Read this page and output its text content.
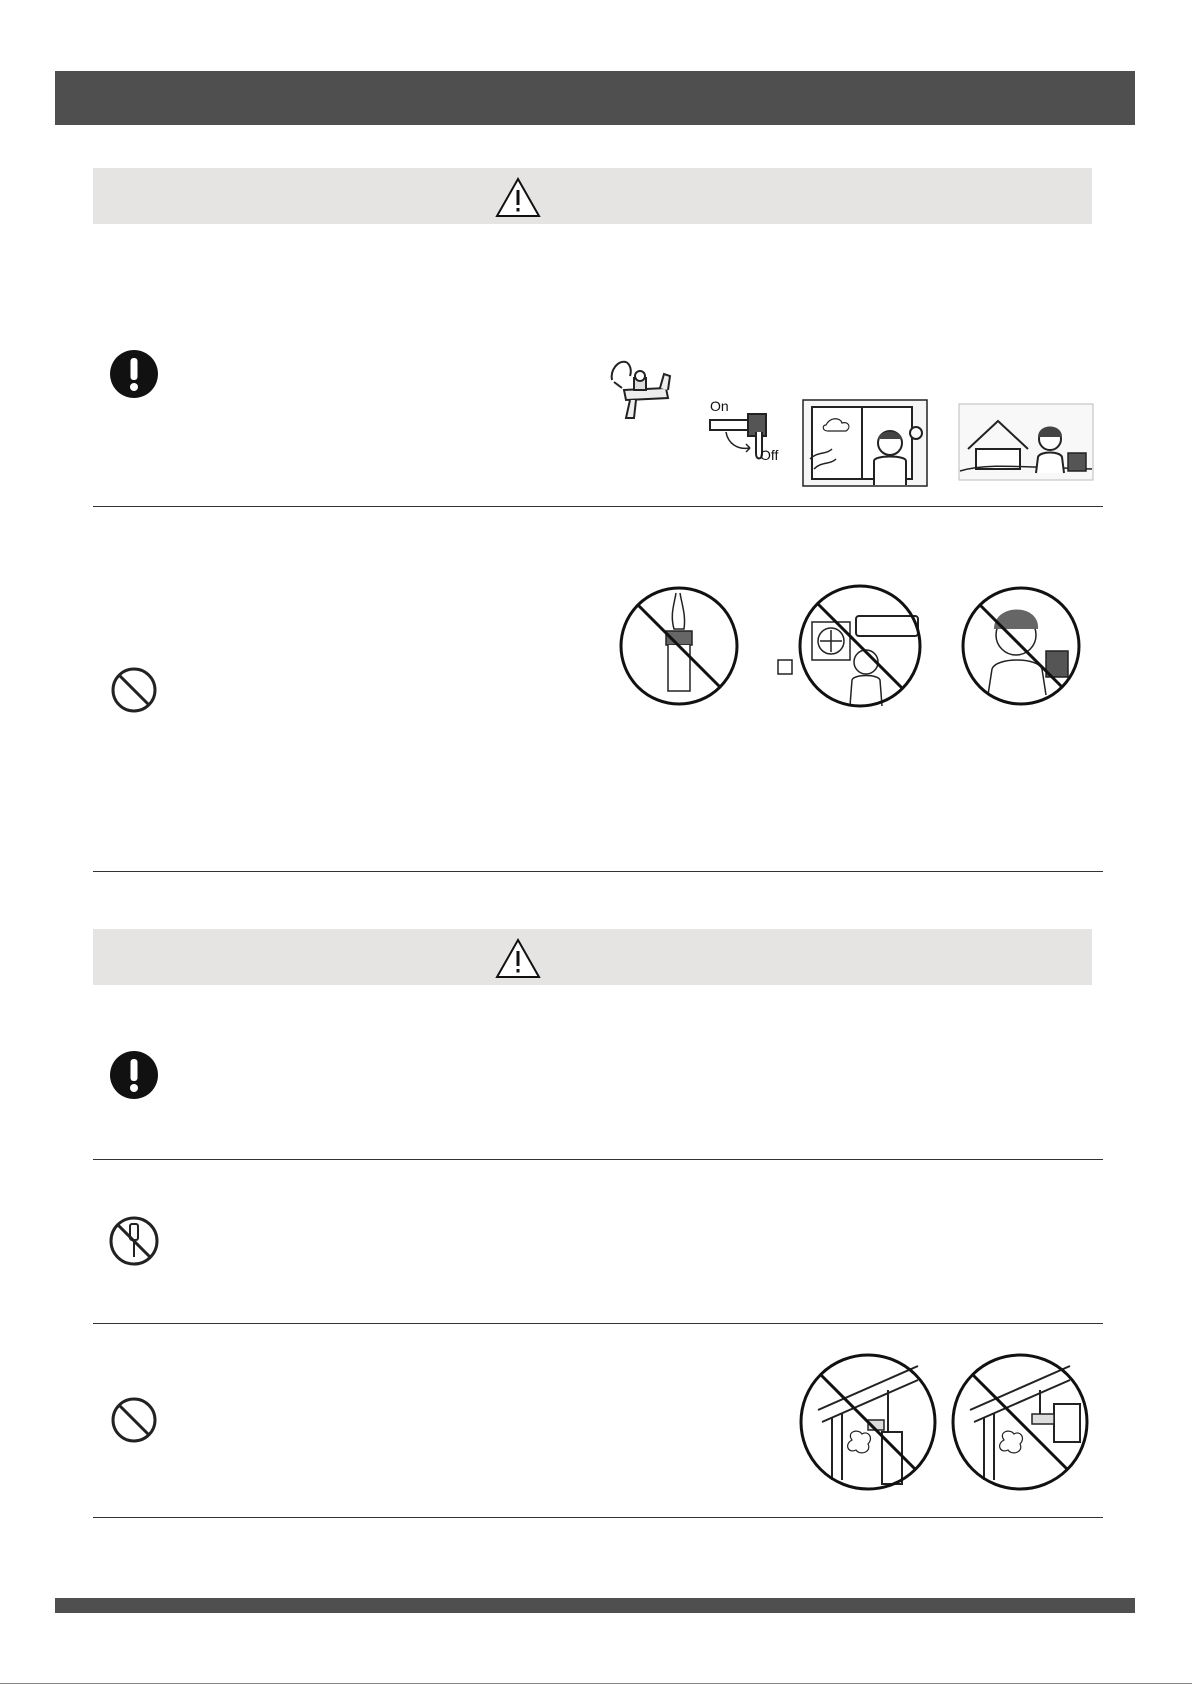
On
Off
